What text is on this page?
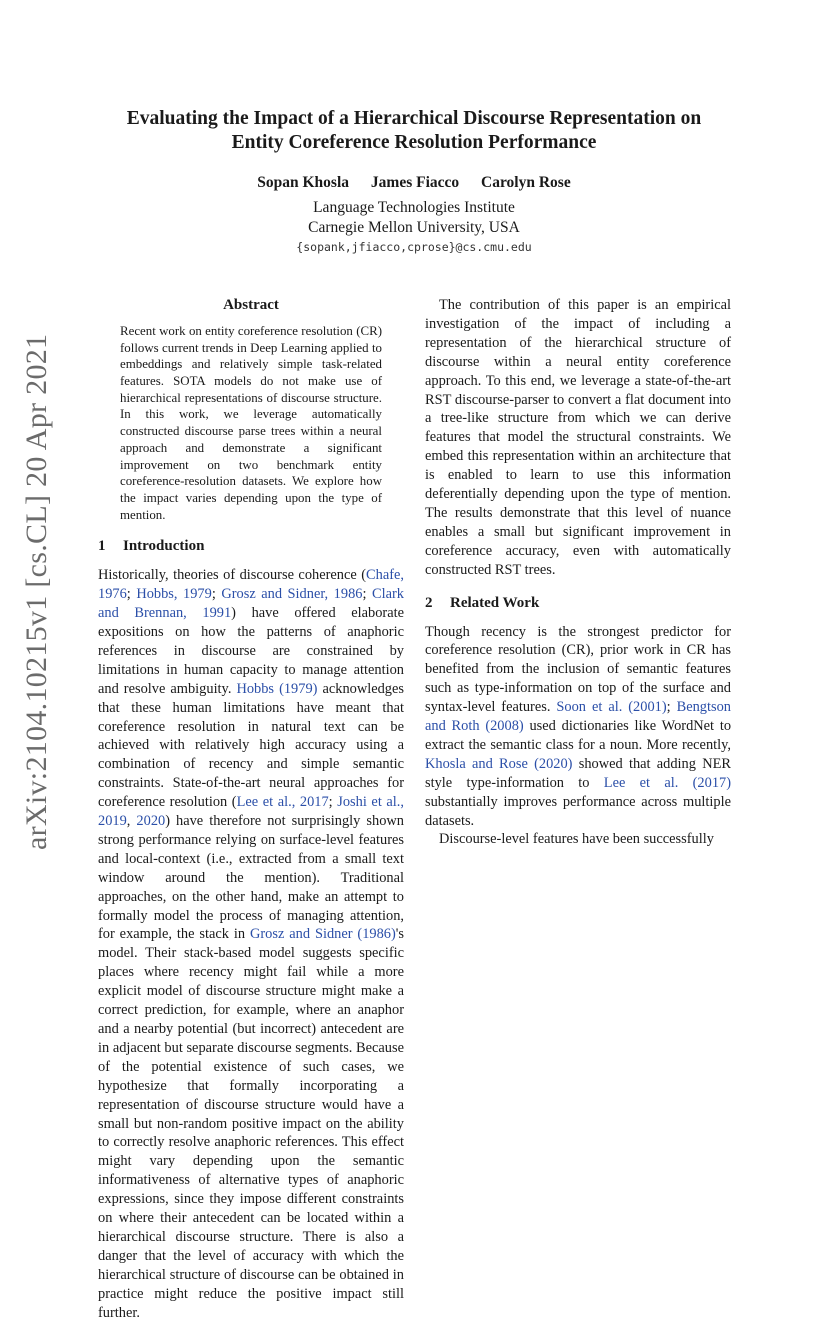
arXiv:2104.10215v1 [cs.CL] 20 Apr 2021
Evaluating the Impact of a Hierarchical Discourse Representation on
Entity Coreference Resolution Performance
Sopan Khosla James Fiacco Carolyn Rose
Language Technologies Institute
Carnegie Mellon University, USA
{sopank,jfiacco,cprose}@cs.cmu.edu
Abstract
Recent work on entity coreference resolution (CR) follows current trends in Deep Learning applied to embeddings and relatively simple task-related features. SOTA models do not make use of hierarchical representations of discourse structure. In this work, we leverage automatically constructed discourse parse trees within a neural approach and demonstrate a significant improvement on two benchmark entity coreference-resolution datasets. We explore how the impact varies depending upon the type of mention.
1 Introduction

Historically, theories of discourse coherence (Chafe, 1976; Hobbs, 1979; Grosz and Sidner, 1986; Clark and Brennan, 1991) have offered elaborate expositions on how the patterns of anaphoric references in discourse are constrained by limitations in human capacity to manage attention and resolve ambiguity. Hobbs (1979) acknowledges that these human limitations have meant that coreference resolution in natural text can be achieved with relatively high accuracy using a combination of recency and simple semantic constraints. State-of-the-art neural approaches for coreference resolution (Lee et al., 2017; Joshi et al., 2019, 2020) have therefore not surprisingly shown strong performance relying on surface-level features and local-context (i.e., extracted from a small text window around the mention). Traditional approaches, on the other hand, make an attempt to formally model the process of managing attention, for example, the stack in Grosz and Sidner (1986)'s model. Their stack-based model suggests specific places where recency might fail while a more explicit model of discourse structure might make a correct prediction, for example, where an anaphor and a nearby potential (but incorrect) antecedent are in adjacent but separate discourse segments. Because of the potential existence of such cases, we hypothesize that formally incorporating a representation of discourse structure would have a small but non-random positive impact on the ability to correctly resolve anaphoric references. This effect might vary depending upon the semantic informativeness of alternative types of anaphoric expressions, since they impose different constraints on where their antecedent can be located within a hierarchical discourse structure. There is also a danger that the level of accuracy with which the hierarchical structure of discourse can be obtained in practice might reduce the positive impact still further.

The contribution of this paper is an empirical investigation of the impact of including a representation of the hierarchical structure of discourse within a neural entity coreference approach. To this end, we leverage a state-of-the-art RST discourse-parser to convert a flat document into a tree-like structure from which we can derive features that model the structural constraints. We embed this representation within an architecture that is enabled to learn to use this information deferentially depending upon the type of mention. The results demonstrate that this level of nuance enables a small but significant improvement in coreference accuracy, even with automatically constructed RST trees.

2 Related Work

Though recency is the strongest predictor for coreference resolution (CR), prior work in CR has benefited from the inclusion of semantic features such as type-information on top of the surface and syntax-level features. Soon et al. (2001); Bengtson and Roth (2008) used dictionaries like WordNet to extract the semantic class for a noun. More recently, Khosla and Rose (2020) showed that adding NER style type-information to Lee et al. (2017) substantially improves performance across multiple datasets.

Discourse-level features have been successfully
